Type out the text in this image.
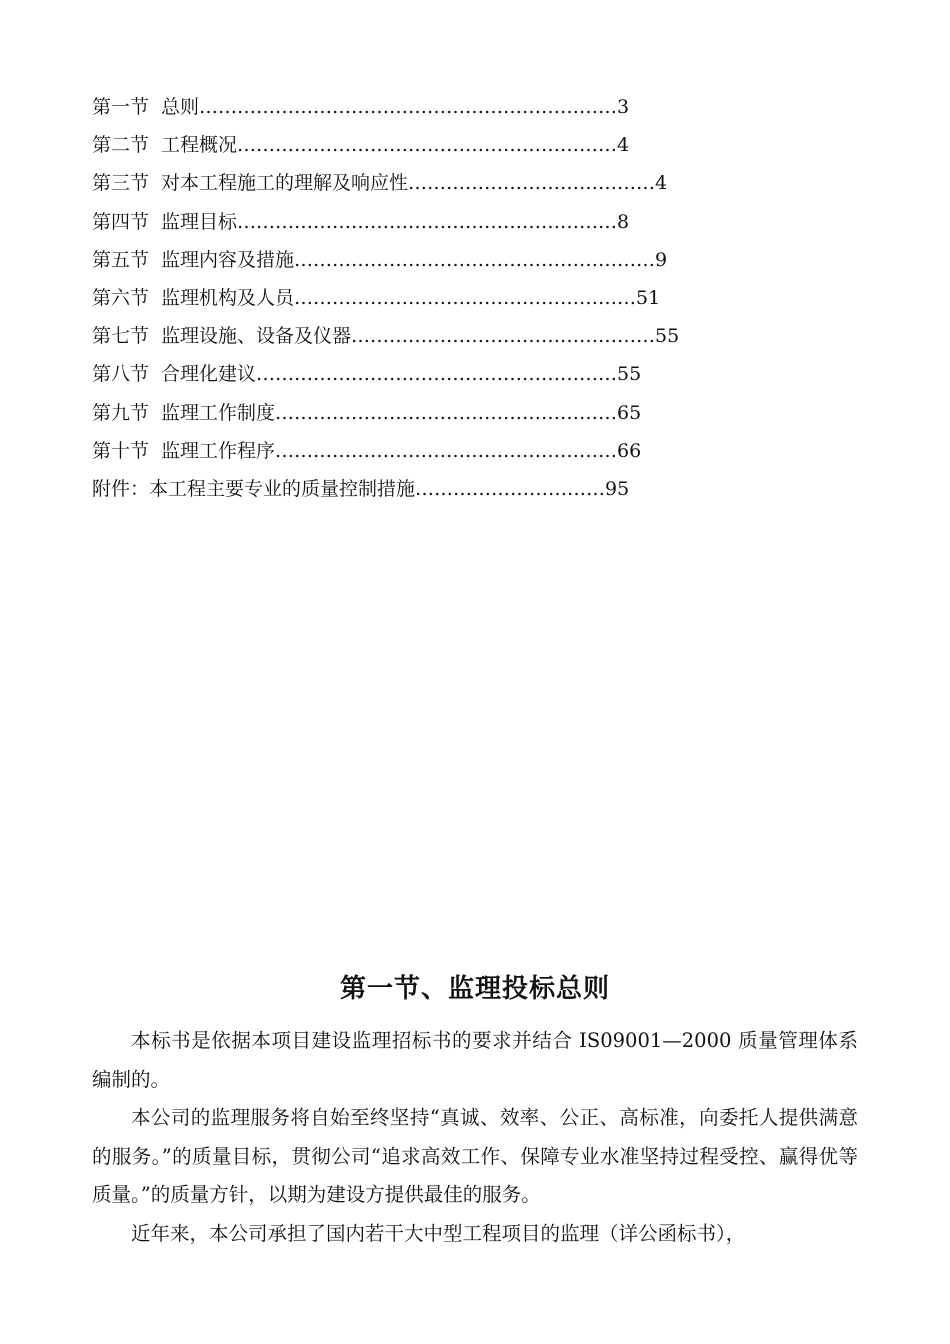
第一节 总则…………………………………………………………3
第二节 工程概况……………………………………………………4
第三节 对本工程施工的理解及响应性…………………………………4
第四节 监理目标……………………………………………………8
第五节 监理内容及措施…………………………………………………9
第六节 监理机构及人员………………………………………………51
第七节 监理设施、设备及仪器…………………………………………55
第八节 合理化建议…………………………………………………55
第九节 监理工作制度………………………………………………65
第十节 监理工作程序………………………………………………66
附件：本工程主要专业的质量控制措施…………………………95
第一节、监理投标总则

本标书是依据本项目建设监理招标书的要求并结合 IS09001—2000 质量管理体系编制的。

本公司的监理服务将自始至终坚持“真诚、效率、公正、高标准，向委托人提供满意的服务。”的质量目标，贯彻公司“追求高效工作、保障专业水准坚持过程受控、赢得优等质量。”的质量方针，以期为建设方提供最佳的服务。

近年来，本公司承担了国内若干大中型工程项目的监理（详公函标书），
